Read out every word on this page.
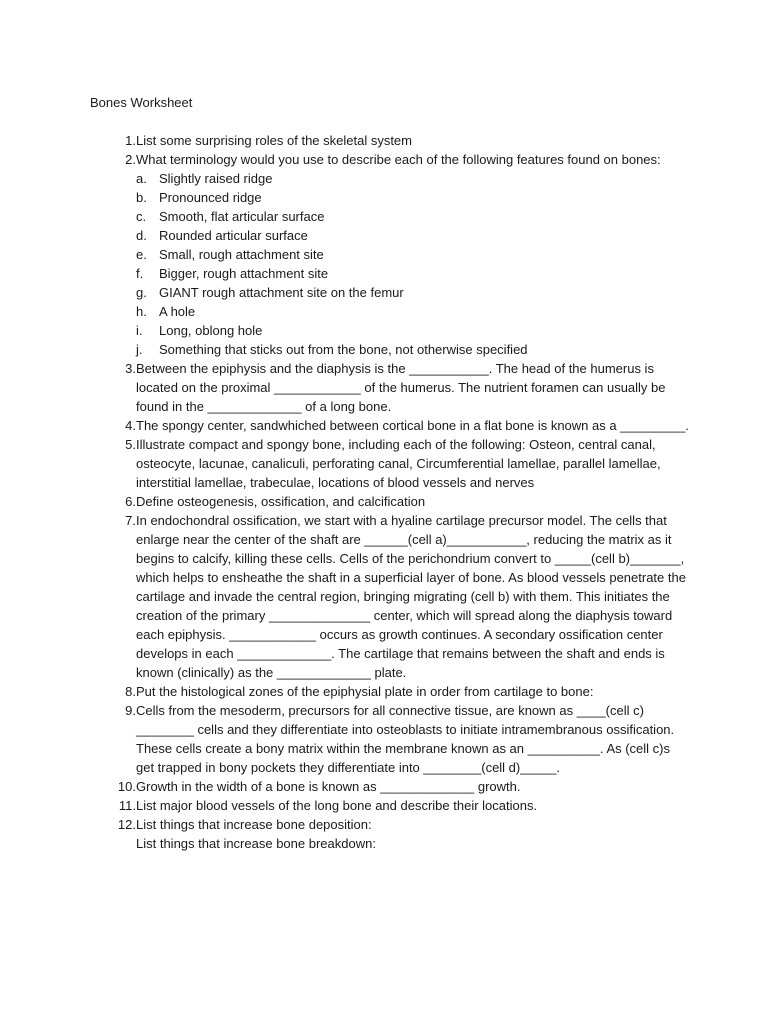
Bones Worksheet
1. List some surprising roles of the skeletal system
2. What terminology would you use to describe each of the following features found on bones:
a. Slightly raised ridge
b. Pronounced ridge
c. Smooth, flat articular surface
d. Rounded articular surface
e. Small, rough attachment site
f.	Bigger, rough attachment site
g. GIANT rough attachment site on the femur
h. A hole
i.	Long, oblong hole
j.	Something that sticks out from the bone, not otherwise specified
3. Between the epiphysis and the diaphysis is the ___________. The head of the humerus is located on the proximal ____________ of the humerus. The nutrient foramen can usually be found in the _____________ of a long bone.
4. The spongy center, sandwhiched between cortical bone in a flat bone is known as a _________.
5. Illustrate compact and spongy bone, including each of the following: Osteon, central canal, osteocyte, lacunae, canaliculi, perforating canal, Circumferential lamellae, parallel lamellae, interstitial lamellae, trabeculae, locations of blood vessels and nerves
6. Define osteogenesis, ossification, and calcification
7. In endochondral ossification, we start with a hyaline cartilage precursor model. The cells that enlarge near the center of the shaft are ______(cell a)___________, reducing the matrix as it begins to calcify, killing these cells. Cells of the perichondrium convert to _____(cell b)_______, which helps to ensheathe the shaft in a superficial layer of bone. As blood vessels penetrate the cartilage and invade the central region, bringing migrating (cell b) with them. This initiates the creation of the primary ______________ center, which will spread along the diaphysis toward each epiphysis. ____________ occurs as growth continues. A secondary ossification center develops in each _____________. The cartilage that remains between the shaft and ends is known (clinically) as the _____________ plate.
8. Put the histological zones of the epiphysial plate in order from cartilage to bone:
9. Cells from the mesoderm, precursors for all connective tissue, are known as ____(cell c) ________ cells and they differentiate into osteoblasts to initiate intramembranous ossification. These cells create a bony matrix within the membrane known as an __________. As (cell c)s get trapped in bony pockets they differentiate into ________(cell d)_____.
10. Growth in the width of a bone is known as _____________ growth.
11. List major blood vessels of the long bone and describe their locations.
12. List things that increase bone deposition:
List things that increase bone breakdown:
